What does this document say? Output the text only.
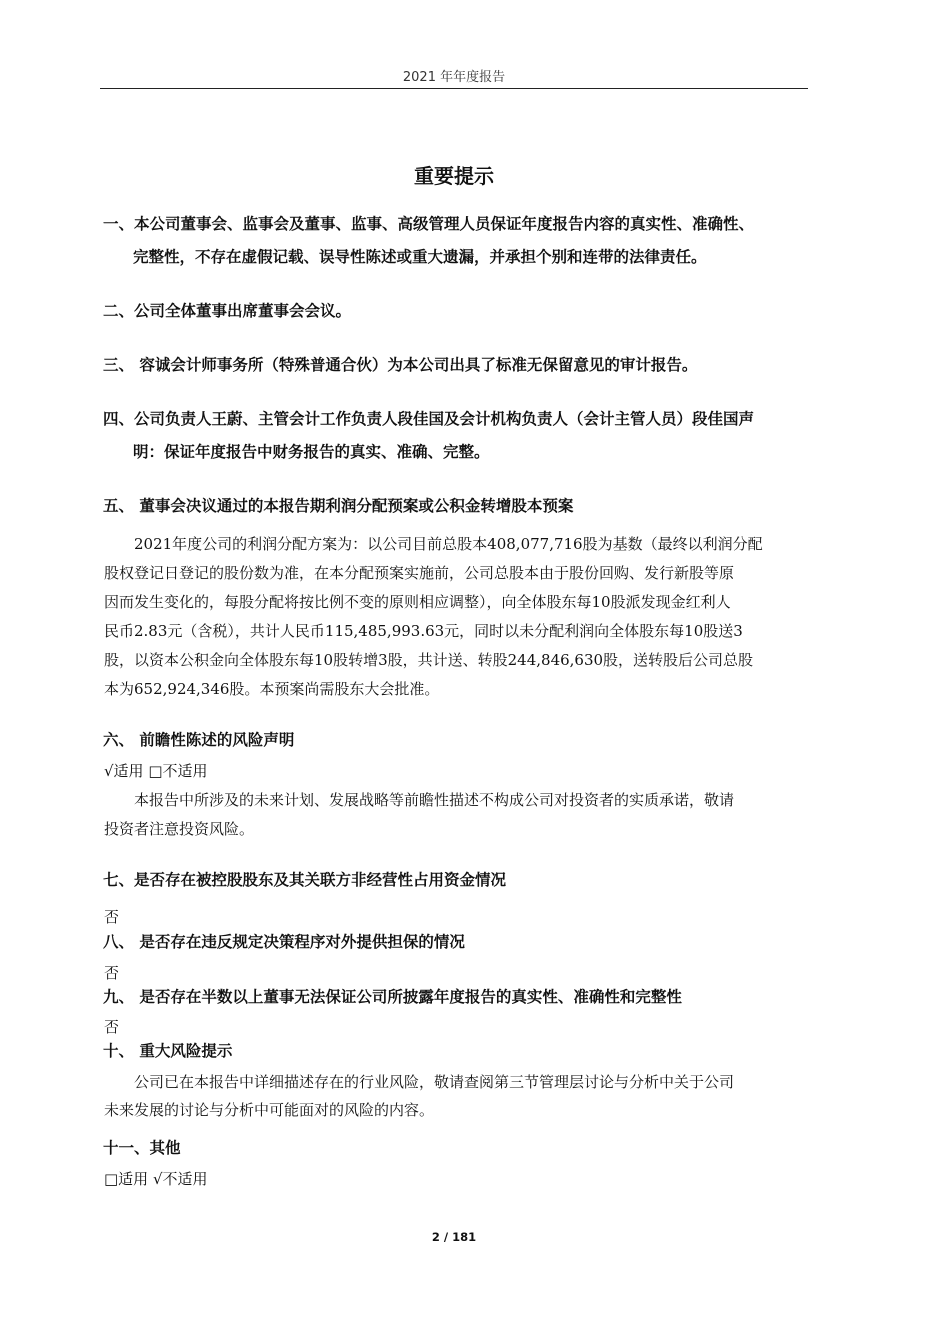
2021 年年度报告
重要提示
一、本公司董事会、监事会及董事、监事、高级管理人员保证年度报告内容的真实性、准确性、
完整性，不存在虚假记载、误导性陈述或重大遗漏，并承担个别和连带的法律责任。
二、公司全体董事出席董事会会议。
三、 容诚会计师事务所（特殊普通合伙）为本公司出具了标准无保留意见的审计报告。
四、公司负责人王蔚、主管会计工作负责人段佳国及会计机构负责人（会计主管人员）段佳国声
明：保证年度报告中财务报告的真实、准确、完整。
五、 董事会决议通过的本报告期利润分配预案或公积金转增股本预案
2021年度公司的利润分配方案为：以公司目前总股本408,077,716股为基数（最终以利润分配
股权登记日登记的股份数为准，在本分配预案实施前，公司总股本由于股份回购、发行新股等原
因而发生变化的，每股分配将按比例不变的原则相应调整），向全体股东每10股派发现金红利人
民币2.83元（含税），共计人民币115,485,993.63元，同时以未分配利润向全体股东每10股送3
股，以资本公积金向全体股东每10股转增3股，共计送、转股244,846,630股，送转股后公司总股
本为652,924,346股。本预案尚需股东大会批准。
六、 前瞻性陈述的风险声明
√适用 □不适用
本报告中所涉及的未来计划、发展战略等前瞻性描述不构成公司对投资者的实质承诺，敬请
投资者注意投资风险。
七、是否存在被控股股东及其关联方非经营性占用资金情况
否
八、 是否存在违反规定决策程序对外提供担保的情况
否
九、 是否存在半数以上董事无法保证公司所披露年度报告的真实性、准确性和完整性
否
十、 重大风险提示
公司已在本报告中详细描述存在的行业风险，敬请查阅第三节管理层讨论与分析中关于公司
未来发展的讨论与分析中可能面对的风险的内容。
十一、其他
□适用 √不适用
2 / 181
